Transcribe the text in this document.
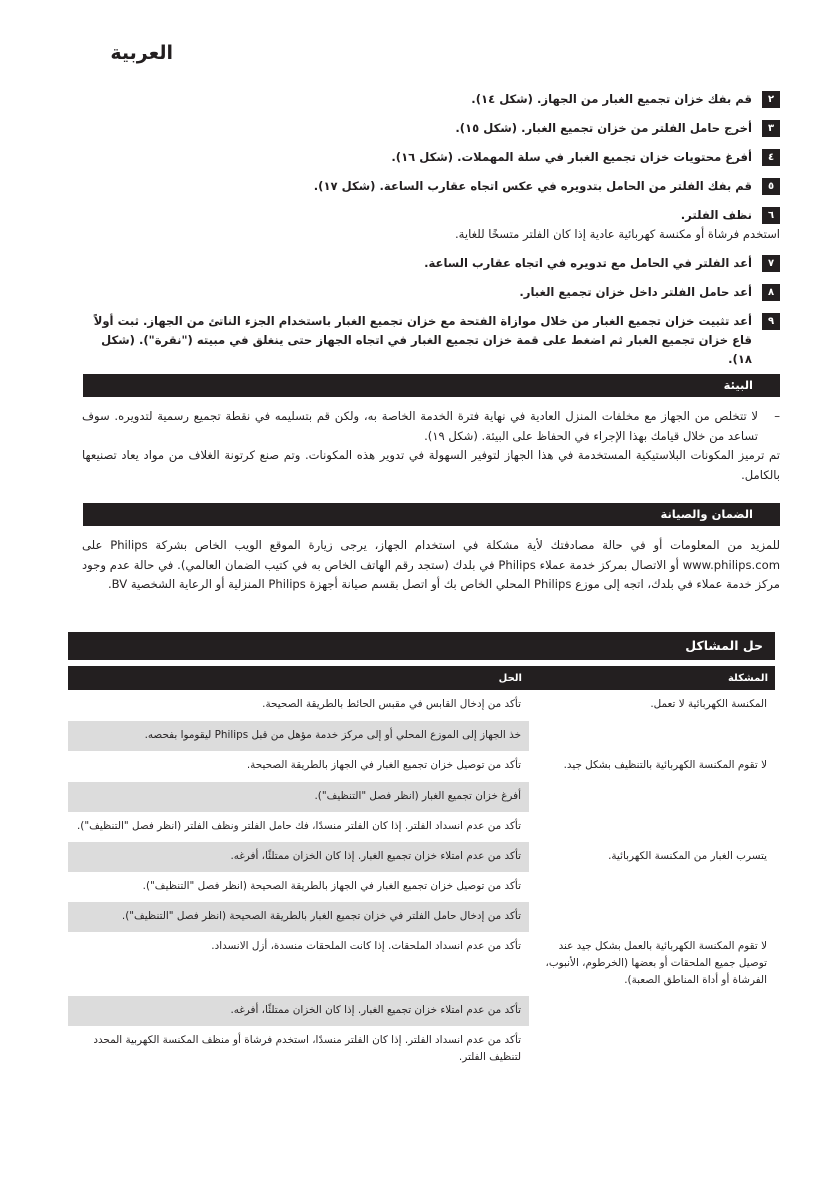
العربية
٢
قم بفك خزان تجميع الغبار من الجهاز. (شكل ١٤).
٣
أخرج حامل الفلتر من خزان تجميع الغبار. (شكل ١٥).
٤
أفرغ محتويات خزان تجميع الغبار في سلة المهملات. (شكل ١٦).
٥
قم بفك الفلتر من الحامل بتدويره في عكس اتجاه عقارب الساعة. (شكل ١٧).
٦
نظف الفلتر.
استخدم فرشاة أو مكنسة كهربائية عادية إذا كان الفلتر متسخًا للغاية.
٧
أعد الفلتر في الحامل مع تدويره في اتجاه عقارب الساعة.
٨
أعد حامل الفلتر داخل خزان تجميع الغبار.
٩
أعد تثبيت خزان تجميع الغبار من خلال موازاة الفتحة مع خزان تجميع الغبار باستخدام الجزء الناتئ من الجهاز. ثبت أولاً قاع خزان تجميع الغبار ثم اضغط على قمة خزان تجميع الغبار في اتجاه الجهاز حتى ينغلق في مبيته ("نقرة"). (شكل ١٨).
البيئة
–
لا تتخلص من الجهاز مع مخلفات المنزل العادية في نهاية فترة الخدمة الخاصة به، ولكن قم بتسليمه في نقطة تجميع رسمية لتدويره. سوف تساعد من خلال قيامك بهذا الإجراء في الحفاظ على البيئة. (شكل ١٩).
تم ترميز المكونات البلاستيكية المستخدمة في هذا الجهاز لتوفير السهولة في تدوير هذه المكونات. وتم صنع كرتونة الغلاف من مواد يعاد تصنيعها بالكامل.
الضمان والصيانة
للمزيد من المعلومات أو في حالة مصادفتك لأية مشكلة في استخدام الجهاز، يرجى زيارة الموقع الويب الخاص بشركة Philips على www.philips.com أو الاتصال بمركز خدمة عملاء Philips في بلدك (ستجد رقم الهاتف الخاص به في كتيب الضمان العالمي). في حالة عدم وجود مركز خدمة عملاء في بلدك، اتجه إلى موزع Philips المحلي الخاص بك أو اتصل بقسم صيانة أجهزة Philips المنزلية أو الرعاية الشخصية BV.
حل المشاكل
المشكلة	الحل
المكنسة الكهربائية لا تعمل.	تأكد من إدخال القابس في مقبس الحائط بالطريقة الصحيحة.
	خذ الجهاز إلى الموزع المحلي أو إلى مركز خدمة مؤهل من قبل Philips ليقوموا بفحصه.
لا تقوم المكنسة الكهربائية بالتنظيف بشكل جيد.	تأكد من توصيل خزان تجميع الغبار في الجهاز بالطريقة الصحيحة.
	أفرغ خزان تجميع الغبار (انظر فصل "التنظيف").
	تأكد من عدم انسداد الفلتر. إذا كان الفلتر منسدًا، فك حامل الفلتر ونظف الفلتر (انظر فصل "التنظيف").
يتسرب الغبار من المكنسة الكهربائية.	تأكد من عدم امتلاء خزان تجميع الغبار. إذا كان الخزان ممتلئًا، أفرغه.
	تأكد من توصيل خزان تجميع الغبار في الجهاز بالطريقة الصحيحة (انظر فصل "التنظيف").
	تأكد من إدخال حامل الفلتر في خزان تجميع الغبار بالطريقة الصحيحة (انظر فصل "التنظيف").
لا تقوم المكنسة الكهربائية بالعمل بشكل جيد عند توصيل جميع الملحقات أو بعضها (الخرطوم، الأنبوب، الفرشاة أو أداة المناطق الصعبة).	تأكد من عدم انسداد الملحقات. إذا كانت الملحقات منسدة، أزل الانسداد.
	تأكد من عدم امتلاء خزان تجميع الغبار. إذا كان الخزان ممتلئًا، أفرغه.
	تأكد من عدم انسداد الفلتر. إذا كان الفلتر منسدًا، استخدم فرشاة أو منظف المكنسة الكهربية المحدد لتنظيف الفلتر.
